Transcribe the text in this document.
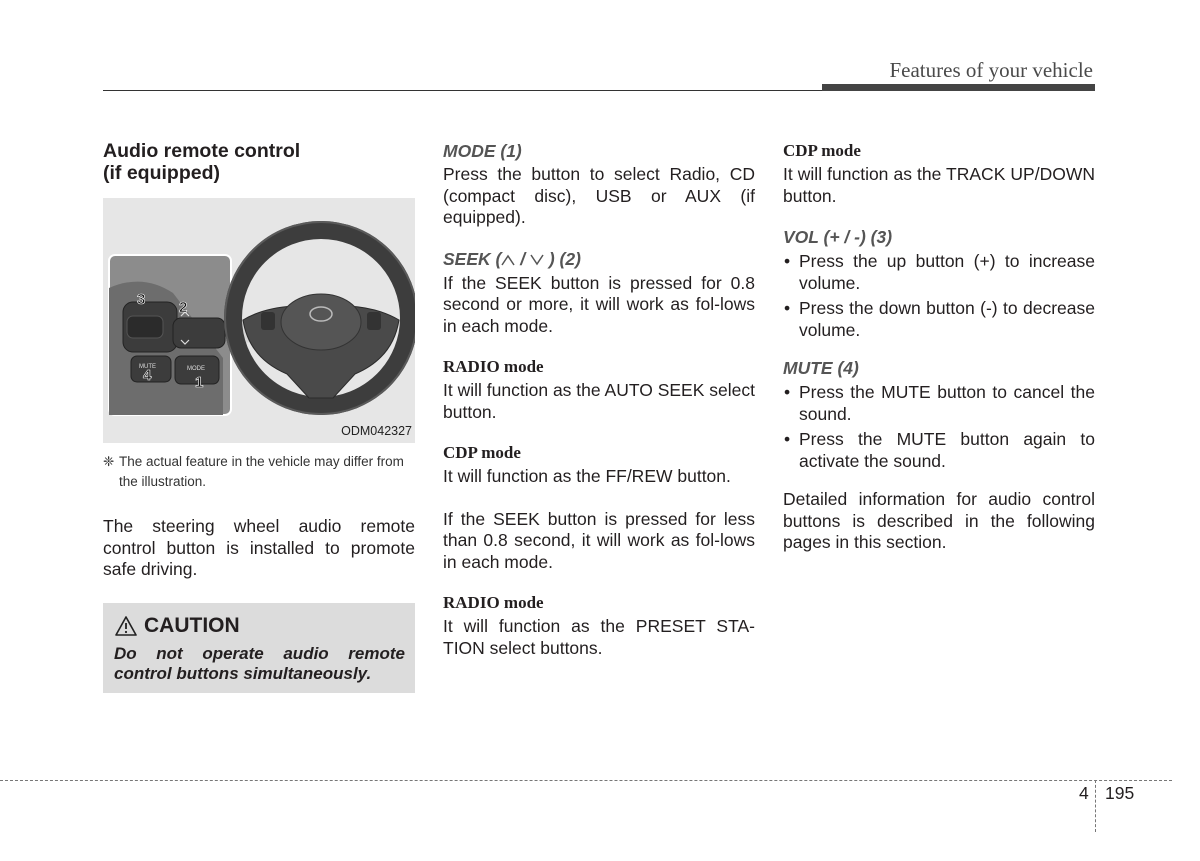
Features of your vehicle
Audio remote control
(if equipped)
MUTE	MODE
3 2
4	1
ODM042327
❈ The actual feature in the vehicle may differ from the illustration.

The steering wheel audio remote control button is installed to promote safe driving.

CAUTION
Do not operate audio remote control buttons simultaneously.
MODE (1)

Press the button to select Radio, CD (compact disc), USB or AUX (if equipped).

SEEK ( /  ) (2)

If the SEEK button is pressed for 0.8 second or more, it will work as fol-lows in each mode.

RADIO mode

It will function as the AUTO SEEK select button.

CDP mode

It will function as the FF/REW button.

If the SEEK button is pressed for less than 0.8 second, it will work as fol-lows in each mode.

RADIO mode

It will function as the PRESET STA-TION select buttons.

CDP mode

It will function as the TRACK UP/DOWN button.

VOL (+ / -) (3)
• Press the up button (+) to increase volume.
• Press the down button (-) to decrease volume.
MUTE (4)
• Press the MUTE button to cancel the sound.
• Press the MUTE button again to activate the sound.

Detailed information for audio control buttons is described in the following pages in this section.

4 195
